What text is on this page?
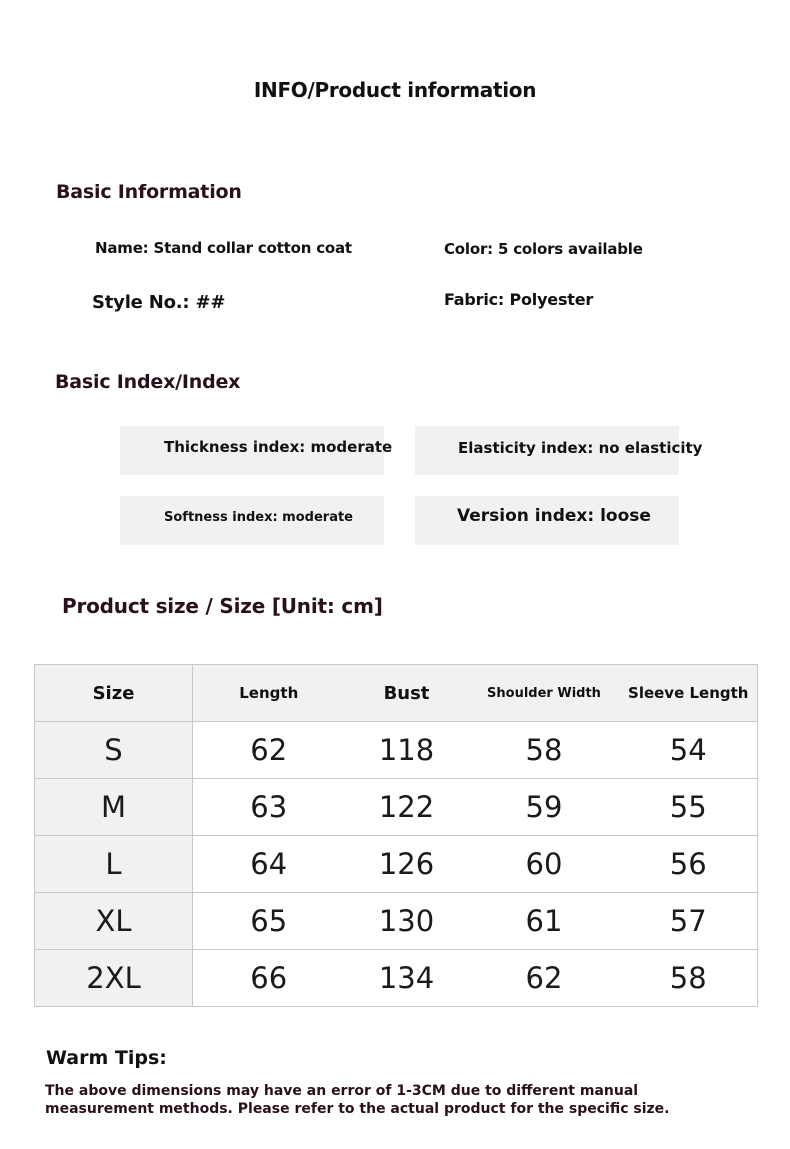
INFO/Product information
Basic Information
Name: Stand collar cotton coat	Color: 5 colors available
Style No.: ##	Fabric: Polyester
Basic Index/Index
Thickness index: moderate	Elasticity index: no elasticity
Softness index: moderate	Version index: loose
Product size / Size [Unit: cm]
Size	Length	Bust	Shoulder Width	Sleeve Length
S	62	118	58	54
M	63	122	59	55
L	64	126	60	56
XL	65	130	61	57
2XL	66	134	62	58
Warm Tips:
The above dimensions may have an error of 1-3CM due to different manual measurement methods. Please refer to the actual product for the specific size.
